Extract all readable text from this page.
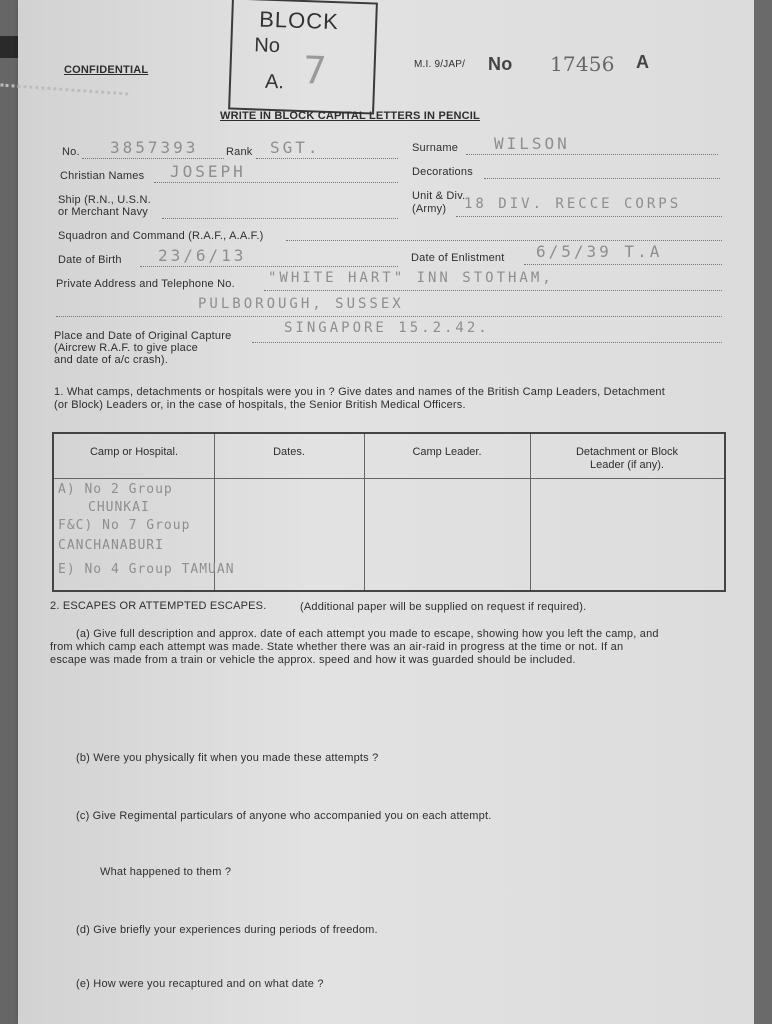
BLOCK
No
7
A.
CONFIDENTIAL	M.I. 9/JAP/ No 17456 A
WRITE IN BLOCK CAPITAL LETTERS IN PENCIL
No. 3857393	Rank SGT.	Surname WILSON
Christian Names JOSEPH	Decorations
Ship (R.N., U.S.N.
or Merchant Navy
Unit & Div.
(Army) 18 DIV. RECCE CORPS
Squadron and Command (R.A.F., A.A.F.)
Date of Birth 23/6/13	Date of Enlistment 6/5/39 T.A
Private Address and Telephone No. "WHITE HART" INN STOTHAM,
PULBOROUGH, SUSSEX
Place and Date of Original Capture
(Aircrew R.A.F. to give place
and date of a/c crash).
SINGAPORE 15.2.42.
1. What camps, detachments or hospitals were you in ? Give dates and names of the British Camp Leaders, Detachment
(or Block) Leaders or, in the case of hospitals, the Senior British Medical Officers.
Camp or Hospital.	Dates.	Camp Leader.	Detachment or Block
Leader (if any).
A) No 2 Group
CHUNKAI
F&C) No 7 Group
CANCHANABURI
E) No 4 Group TAMUAN
2. ESCAPES OR ATTEMPTED ESCAPES.	(Additional paper will be supplied on request if required).
(a) Give full description and approx. date of each attempt you made to escape, showing how you left the camp, and
from which camp each attempt was made. State whether there was an air-raid in progress at the time or not. If an
escape was made from a train or vehicle the approx. speed and how it was guarded should be included.
(b) Were you physically fit when you made these attempts ?
(c) Give Regimental particulars of anyone who accompanied you on each attempt.
What happened to them ?
(d) Give briefly your experiences during periods of freedom.
(e) How were you recaptured and on what date ?
